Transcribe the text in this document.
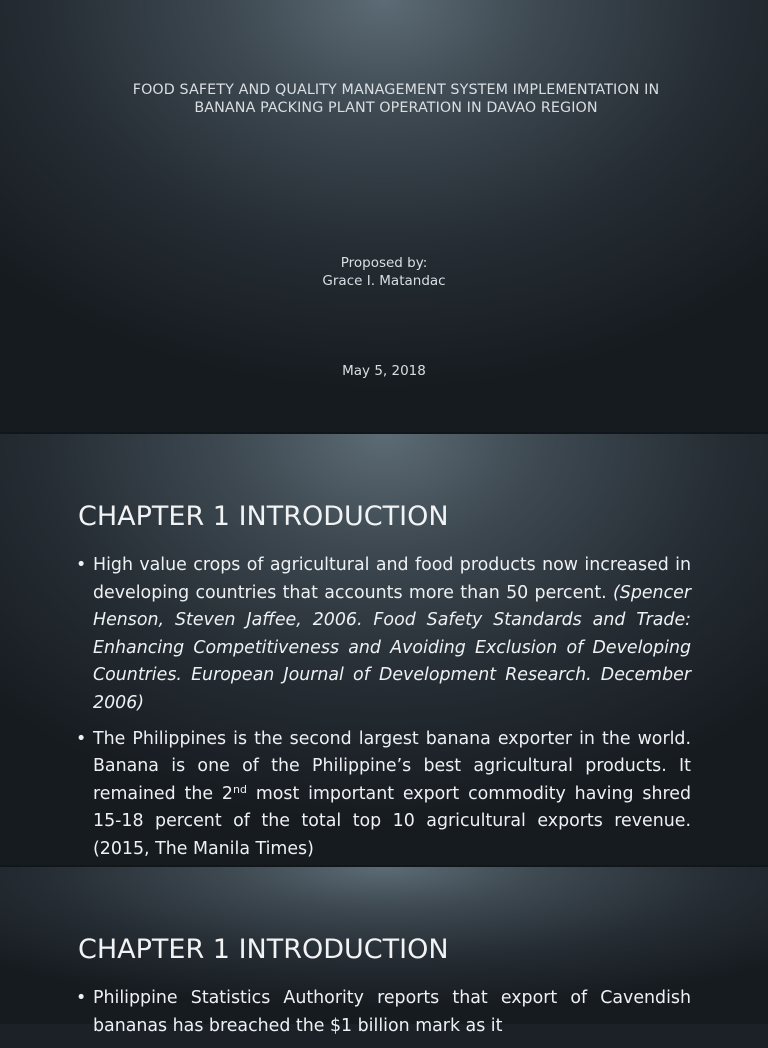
FOOD SAFETY AND QUALITY MANAGEMENT SYSTEM IMPLEMENTATION IN
BANANA PACKING PLANT OPERATION IN DAVAO REGION
Proposed by:
Grace I. Matandac
May 5, 2018
CHAPTER 1 INTRODUCTION
• High value crops of agricultural and food products now increased in developing countries that accounts more than 50 percent. (Spencer Henson, Steven Jaffee, 2006. Food Safety Standards and Trade: Enhancing Competitiveness and Avoiding Exclusion of Developing Countries. European Journal of Development Research. December 2006)
• The Philippines is the second largest banana exporter in the world. Banana is one of the Philippine’s best agricultural products. It remained the 2nd most important export commodity having shred 15-18 percent of the total top 10 agricultural exports revenue. (2015, The Manila Times)
CHAPTER 1 INTRODUCTION
• Philippine Statistics Authority reports that export of Cavendish bananas has breached the $1 billion mark as it
